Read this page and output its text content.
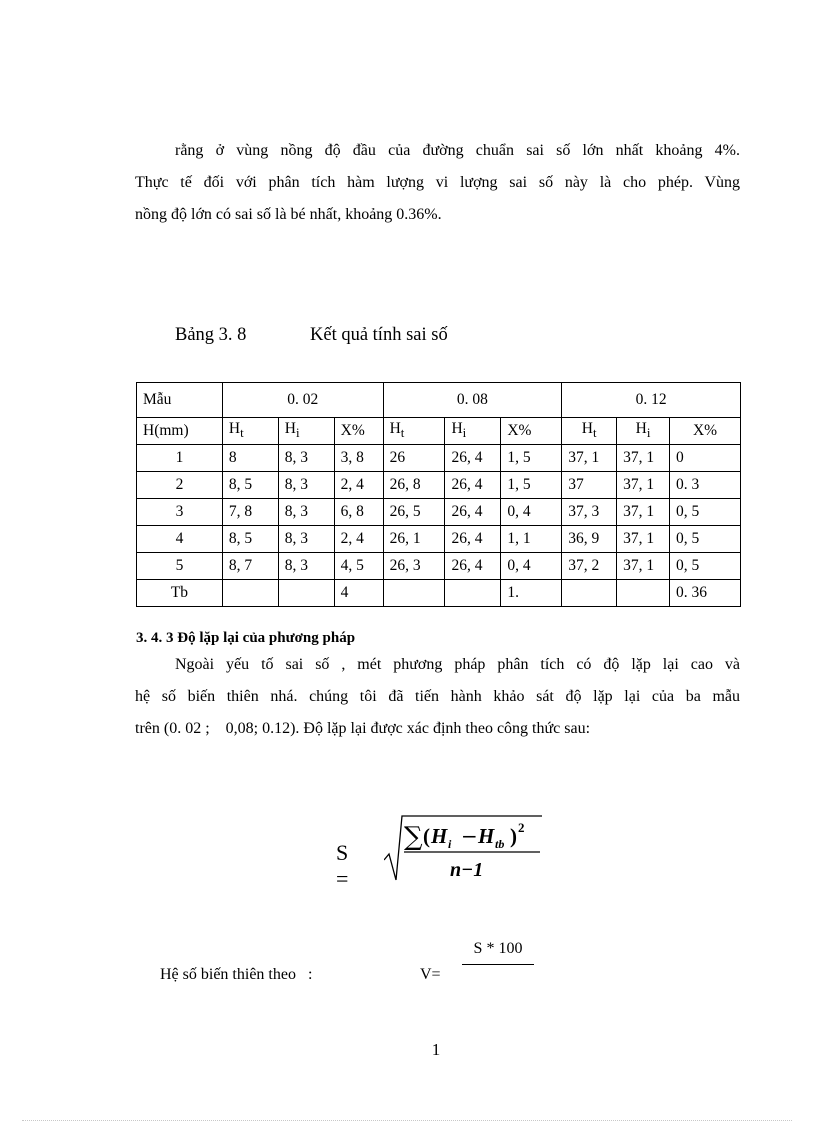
rằng ở vùng nồng độ đầu của đường chuẩn sai số lớn nhất khoảng 4%.
Thực tế đối với phân tích hàm lượng vi lượng sai số này là cho phép. Vùng
nồng độ lớn có sai số là bé nhất, khoảng 0.36%.
Bảng 3. 8	Kết quả tính sai số
Mẫu	0. 02			0. 08			0. 12		
H(mm)	$H_t$	$H_i$	X%	$H_t$	$H_i$	X%	$H_t$	$H_i$	X%
1	8	8, 3	3, 8	26	26, 4	1, 5	37, 1	37, 1	0
2	8, 5	8, 3	2, 4	26, 8	26, 4	1, 5	37	37, 1	0. 3
3	7, 8	8, 3	6, 8	26, 5	26, 4	0, 4	37, 3	37, 1	0, 5
4	8, 5	8, 3	2, 4	26, 1	26, 4	1, 1	36, 9	37, 1	0, 5
5	8, 7	8, 3	4, 5	26, 3	26, 4	0, 4	37, 2	37, 1	0, 5
Tb			4			1.			0. 36
3. 4. 3 Độ lặp lại của phương pháp
Ngoài yếu tố sai số , mét phương pháp phân tích có độ lặp lại cao và
hệ số biến thiên nhá. chúng tôi đã tiến hành khảo sát độ lặp lại của ba mẫu
trên (0. 02 ;    0,08; 0.12). Độ lặp lại được xác định theo công thức sau:
S =
∑ ( H i − H tb ) 2
n−1
Hệ số biến thiên theo   :	V=
S * 100
1
